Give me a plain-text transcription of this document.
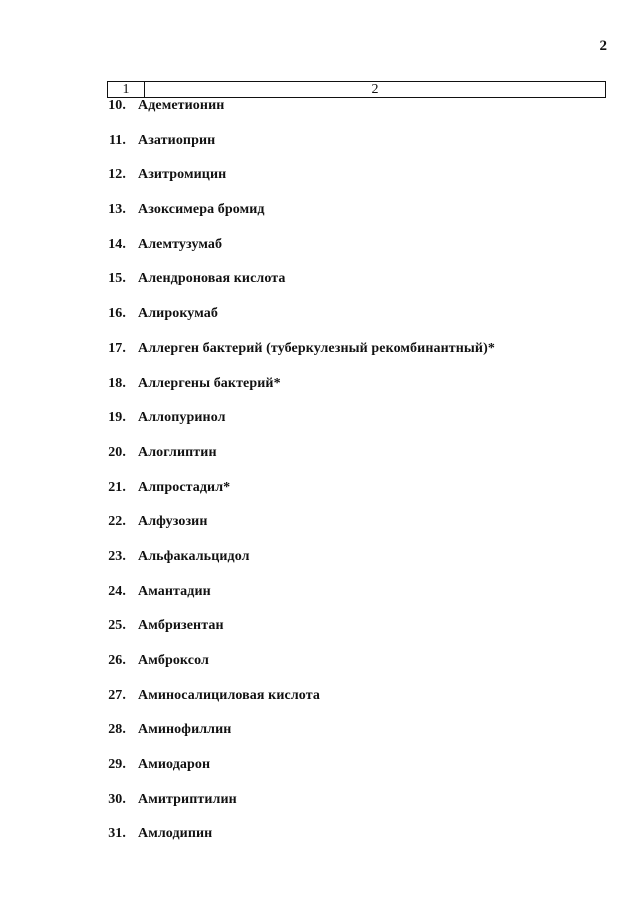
2
1	2
10. Адеметионин
11. Азатиоприн
12. Азитромицин
13. Азоксимера бромид
14. Алемтузумаб
15. Алендроновая кислота
16. Алирокумаб
17. Аллерген бактерий (туберкулезный рекомбинантный)*
18. Аллергены бактерий*
19. Аллопуринол
20. Алоглиптин
21. Алпростадил*
22. Алфузозин
23. Альфакальцидол
24. Амантадин
25. Амбризентан
26. Амброксол
27. Аминосалициловая кислота
28. Аминофиллин
29. Амиодарон
30. Амитриптилин
31. Амлодипин
